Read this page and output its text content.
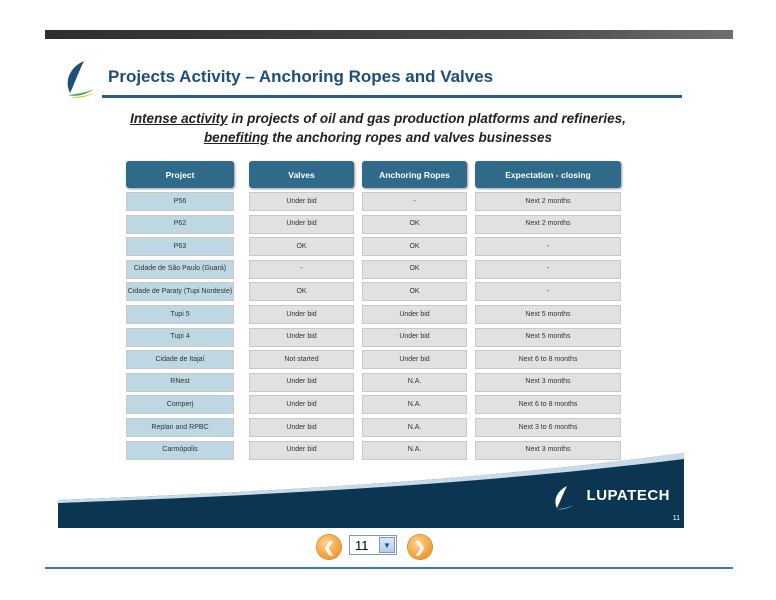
Projects Activity – Anchoring Ropes and Valves
Intense activity in projects of oil and gas production platforms and refineries, benefiting the anchoring ropes and valves businesses
Project	Valves	Anchoring Ropes	Expectation - closing
P56	Under bid	-	Next 2 months
P62	Under bid	OK	Next 2 months
P63	OK	OK	-
Cidade de São Paulo (Guará)	-	OK	-
Cidade de Paraty (Tupi Nordeste)	OK	OK	-
Tupi 5	Under bid	Under bid	Next 5 months
Tupi 4	Under bid	Under bid	Next 5 months
Cidade de Itajaí	Not started	Under bid	Next 6 to 8 months
RNest	Under bid	N.A.	Next 3 months
Comperj	Under bid	N.A.	Next 6 to 8 months
Replan and RPBC	Under bid	N.A.	Next 3 to 6 months
Carmópolis	Under bid	N.A.	Next 3 months
LUPATECH
11
❮	11	▼ ❯
